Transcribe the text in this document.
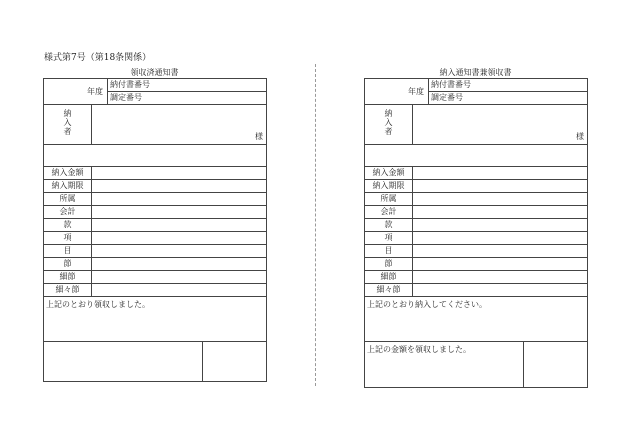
様式第7号（第18条関係）
領収済通知書
年度		納付書番号	
		調定番号	

納
入
者	様		

納入金額			
納入期限			
所属			
会計			
款			
項			
目			
節			
細節			
細々節			
上記のとおり領収しました。			

納入通知書兼領収書
年度		納付書番号	
		調定番号	

納
入
者	様		

納入金額			
納入期限			
所属			
会計			
款			
項			
目			
節			
細節			
細々節			
上記のとおり納入してください。			
上記の金額を領収しました。			
